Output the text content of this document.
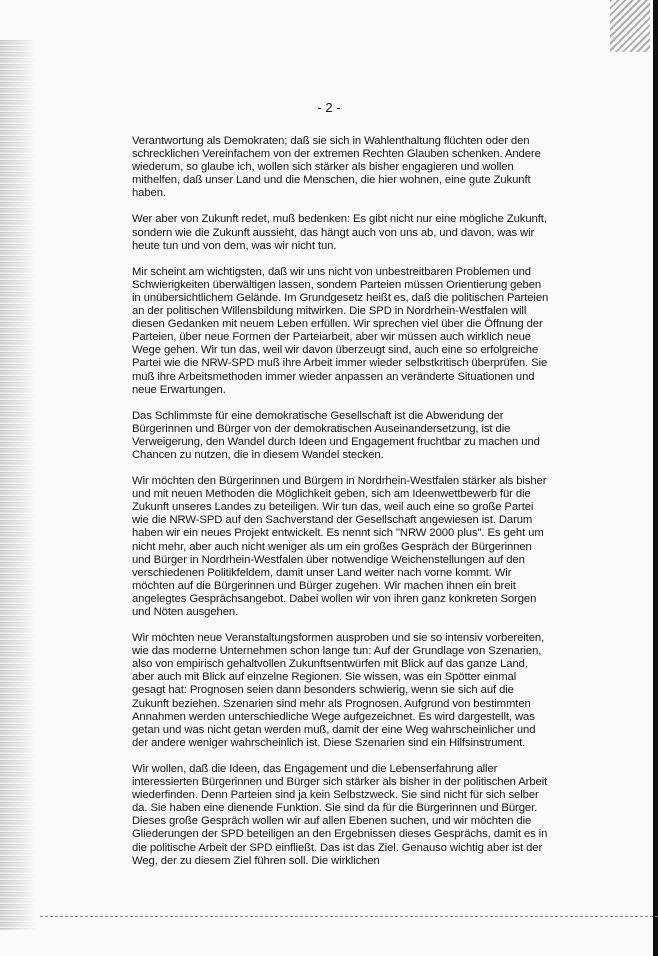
- 2 -

Verantwortung als Demokraten; daß sie sich in Wahlenthaltung flüchten oder den schrecklichen Vereinfachem von der extremen Rechten Glauben schenken. Andere wiederum, so glaube ich, wollen sich stärker als bisher engagieren und wollen mithelfen, daß unser Land und die Menschen, die hier wohnen, eine gute Zukunft haben.

Wer aber von Zukunft redet, muß bedenken: Es gibt nicht nur eine mögliche Zukunft, sondern wie die Zukunft aussieht, das hängt auch von uns ab, und davon, was wir heute tun und von dem, was wir nicht tun.

Mir scheint am wichtigsten, daß wir uns nicht von unbestreitbaren Problemen und Schwierigkeiten überwältigen lassen, sondern Parteien müssen Orientierung geben in unübersichtlichem Gelände. Im Grundgesetz heißt es, daß die politischen Parteien an der politischen Willensbildung mitwirken. Die SPD in Nordrhein-Westfalen will diesen Gedanken mit neuem Leben erfüllen. Wir sprechen viel über die Öffnung der Parteien, über neue Formen der Parteiarbeit, aber wir müssen auch wirklich neue Wege gehen. Wir tun das, weil wir davon überzeugt sind, auch eine so erfolgreiche Partei wie die NRW-SPD muß ihre Arbeit immer wieder selbstkritisch überprüfen. Sie muß ihre Arbeitsmethoden immer wieder anpassen an veränderte Situationen und neue Erwartungen.

Das Schlimmste für eine demokratische Gesellschaft ist die Abwendung der Bürgerinnen und Bürger von der demokratischen Auseinandersetzung, ist die Verweigerung, den Wandel durch Ideen und Engagement fruchtbar zu machen und Chancen zu nutzen, die in diesem Wandel stecken.

Wir möchten den Bürgerinnen und Bürgem in Nordrhein-Westfalen stärker als bisher und mit neuen Methoden die Möglichkeit geben, sich am Ideenwettbewerb für die Zukunft unseres Landes zu beteiligen. Wir tun das, weil auch eine so große Partei wie die NRW-SPD auf den Sachverstand der Gesellschaft angewiesen ist. Darum haben wir ein neues Projekt entwickelt. Es nennt sich "NRW 2000 plus". Es geht um nicht mehr, aber auch nicht weniger als um ein großes Gespräch der Bürgerinnen und Bürger in Nordrhein-Westfalen über notwendige Weichenstellungen auf den verschiedenen Politikfeldem, damit unser Land weiter nach vorne kommt. Wir möchten auf die Bürgerinnen und Bürger zugehen. Wir machen ihnen ein breit angelegtes Gesprächsangebot. Dabei wollen wir von ihren ganz konkreten Sorgen und Nöten ausgehen.

Wir möchten neue Veranstaltungsformen ausproben und sie so intensiv vorbereiten, wie das moderne Unternehmen schon lange tun: Auf der Grundlage von Szenarien, also von empirisch gehaltvollen Zukunftsentwürfen mit Blick auf das ganze Land, aber auch mit Blick auf einzelne Regionen. Sie wissen, was ein Spötter einmal gesagt hat: Prognosen seien dann besonders schwierig, wenn sie sich auf die Zukunft beziehen. Szenarien sind mehr als Prognosen. Aufgrund von bestimmten Annahmen werden unterschiedliche Wege aufgezeichnet. Es wird dargestellt, was getan und was nicht getan werden muß, damit der eine Weg wahrscheinlicher und der andere weniger wahrscheinlich ist. Diese Szenarien sind ein Hilfsinstrument.

Wir wollen, daß die Ideen, das Engagement und die Lebenserfahrung aller interessierten Bürgerinnen und Bürger sich stärker als bisher in der politischen Arbeit wiederfinden. Denn Parteien sind ja kein Selbstzweck. Sie sind nicht für sich selber da. Sie haben eine dienende Funktion. Sie sind da für die Bürgerinnen und Bürger. Dieses große Gespräch wollen wir auf allen Ebenen suchen, und wir möchten die Gliederungen der SPD beteiligen an den Ergebnissen dieses Gesprächs, damit es in die politische Arbeit der SPD einfließt. Das ist das Ziel. Genauso wichtig aber ist der Weg, der zu diesem Ziel führen soll. Die wirklichen
